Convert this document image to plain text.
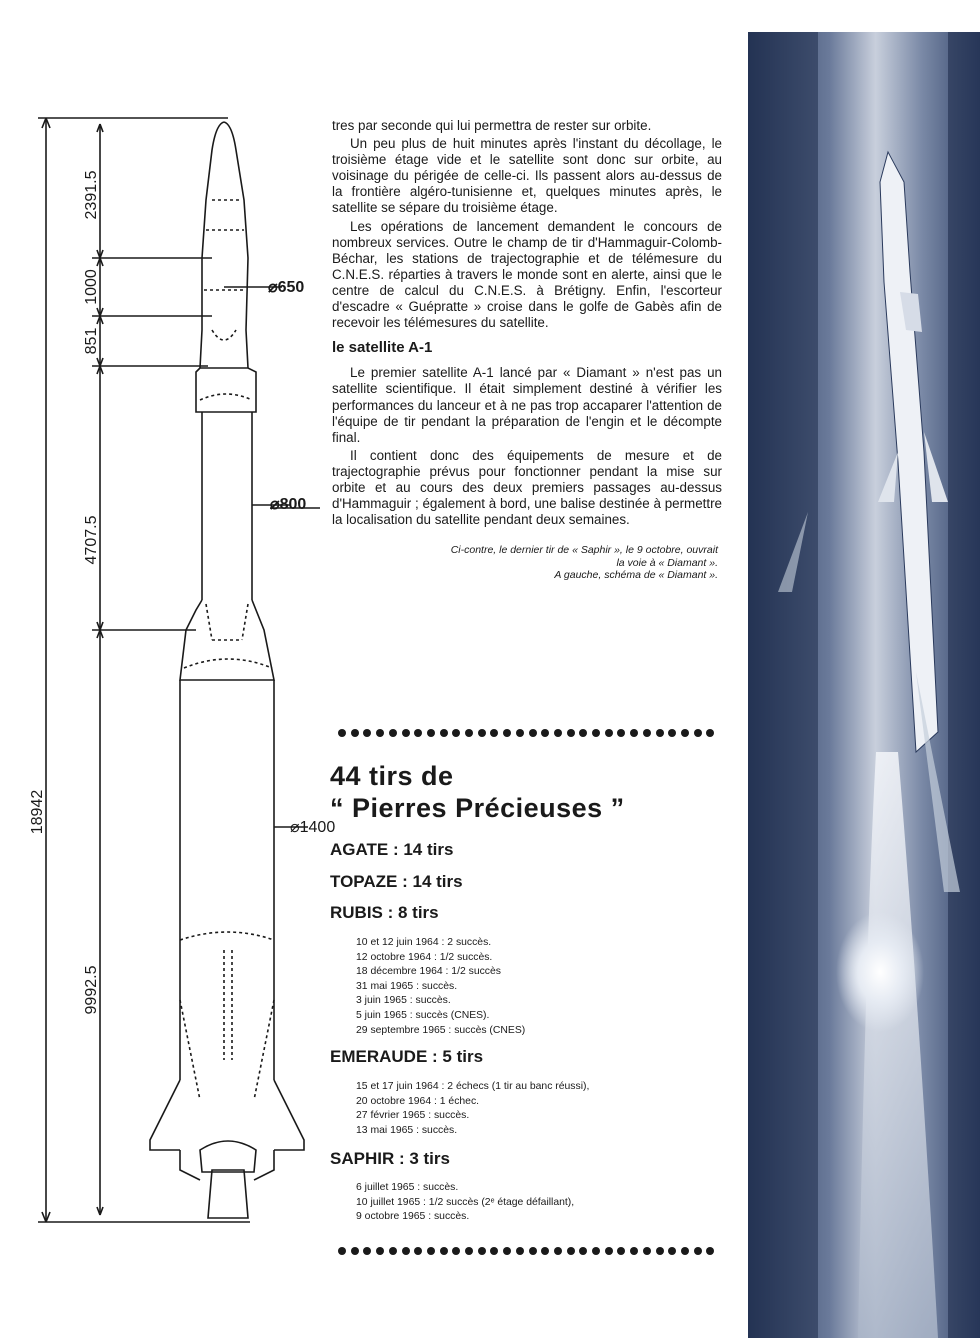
18942
2391.5
1000
851
4707.5
9992.5
⌀650
⌀800
⌀1400

tres par seconde qui lui permettra de rester sur orbite.

Un peu plus de huit minutes après l'instant du décollage, le troisième étage vide et le satellite sont donc sur orbite, au voisinage du périgée de celle-ci. Ils passent alors au-dessus de la frontière algéro-tunisienne et, quelques minutes après, le satellite se sépare du troisième étage.

Les opérations de lancement demandent le concours de nombreux services. Outre le champ de tir d'Hammaguir-Colomb-Béchar, les stations de trajectographie et de télémesure du C.N.E.S. réparties à travers le monde sont en alerte, ainsi que le centre de calcul du C.N.E.S. à Brétigny. Enfin, l'escorteur d'escadre « Guépratte » croise dans le golfe de Gabès afin de recevoir les télémesures du satellite.

le satellite A-1

Le premier satellite A-1 lancé par « Diamant » n'est pas un satellite scientifique. Il était simplement destiné à vérifier les performances du lanceur et à ne pas trop accaparer l'attention de l'équipe de tir pendant la préparation de l'engin et le décompte final.

Il contient donc des équipements de mesure et de trajectographie prévus pour fonctionner pendant la mise sur orbite et au cours des deux premiers passages au-dessus d'Hammaguir ; également à bord, une balise destinée à permettre la localisation du satellite pendant deux semaines.

Ci-contre, le dernier tir de « Saphir », le 9 octobre, ouvrait
la voie à « Diamant ».
A gauche, schéma de « Diamant ».
44 tirs de
“ Pierres Précieuses ”
AGATE : 14 tirs
TOPAZE : 14 tirs
RUBIS : 8 tirs
10 et 12 juin 1964 : 2 succès.
12 octobre 1964 : 1/2 succès.
18 décembre 1964 : 1/2 succès
31 mai 1965 : succès.
3 juin 1965 : succès.
5 juin 1965 : succès (CNES).
29 septembre 1965 : succès (CNES)
EMERAUDE : 5 tirs
15 et 17 juin 1964 : 2 échecs (1 tir au banc réussi),
20 octobre 1964 : 1 échec.
27 février 1965 : succès.
13 mai 1965 : succès.
SAPHIR : 3 tirs
6 juillet 1965 : succès.
10 juillet 1965 : 1/2 succès (2ᵉ étage défaillant),
9 octobre 1965 : succès.
